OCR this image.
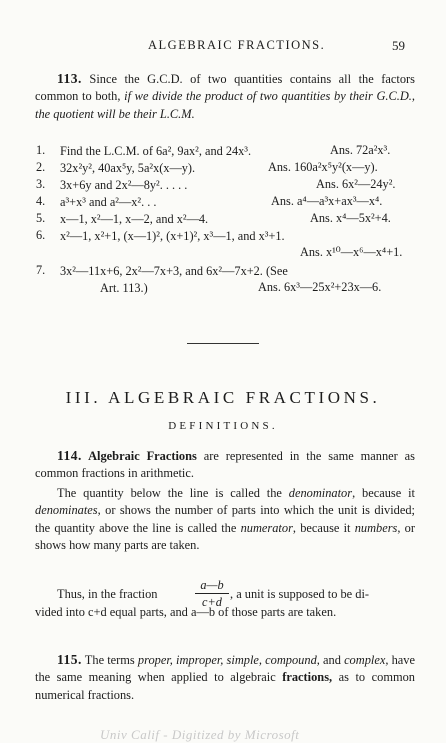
ALGEBRAIC FRACTIONS.	59
113. Since the G.C.D. of two quantities contains all the factors common to both, if we divide the product of two quantities by their G.C.D., the quotient will be their L.C.M.
1.	Find the L.C.M. of 6a², 9ax², and 24x³.	Ans. 72a²x³.
2.	32x²y², 40ax⁵y, 5a²x(x—y).	Ans. 160a²x⁵y²(x—y).
3.	3x+6y and 2x²—8y². . . . .	Ans. 6x²—24y².
4.	a³+x³ and a²—x². . .	Ans. a⁴—a³x+ax³—x⁴.
5.	x—1, x²—1, x—2, and x²—4.	Ans. x⁴—5x²+4.
6.	x²—1, x²+1, (x—1)², (x+1)², x³—1, and x³+1.
Ans. x¹⁰—x⁶—x⁴+1.
7.	3x²—11x+6, 2x²—7x+3, and 6x²—7x+2. (See
Art. 113.)	Ans. 6x³—25x²+23x—6.
III. ALGEBRAIC FRACTIONS.
DEFINITIONS.
114. Algebraic Fractions are represented in the same manner as common fractions in arithmetic.
The quantity below the line is called the denominator, because it denominates, or shows the number of parts into which the unit is divided; the quantity above the line is called the numerator, because it numbers, or shows how many parts are taken.
Thus, in the fraction
a—b
c+d
, a unit is supposed to be di-
vided into c+d equal parts, and a—b of those parts are taken.
115. The terms proper, improper, simple, compound, and complex, have the same meaning when applied to algebraic fractions, as to common numerical fractions.
Univ Calif - Digitized by Microsoft
